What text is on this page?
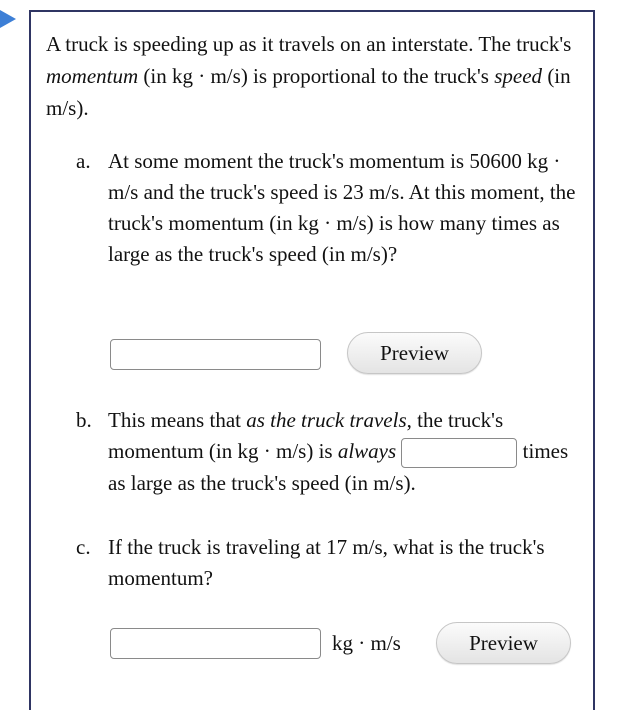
A truck is speeding up as it travels on an interstate. The truck's momentum (in kg · m/s) is proportional to the truck's speed (in m/s).
a. At some moment the truck's momentum is 50600 kg · m/s and the truck's speed is 23 m/s. At this moment, the truck's momentum (in kg · m/s) is how many times as large as the truck's speed (in m/s)?
Preview
b. This means that as the truck travels, the truck's momentum (in kg · m/s) is always	times as large as the truck's speed (in m/s).
c. If the truck is traveling at 17 m/s, what is the truck's momentum?
kg · m/s	Preview
